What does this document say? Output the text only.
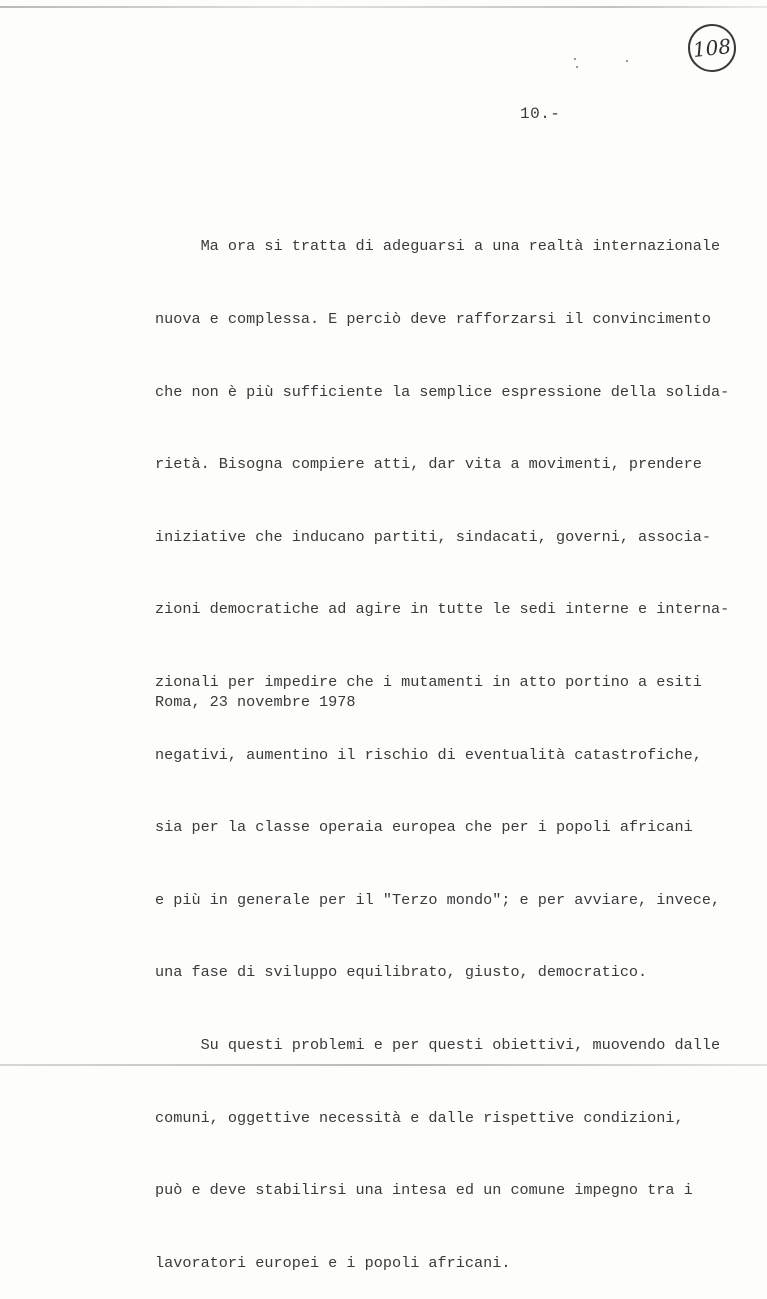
108
10.-

Ma ora si tratta di adeguarsi a una realtà internazionale

nuova e complessa. E perciò deve rafforzarsi il convincimento

che non è più sufficiente la semplice espressione della solida-

rietà. Bisogna compiere atti, dar vita a movimenti, prendere

iniziative che inducano partiti, sindacati, governi, associa-

zioni democratiche ad agire in tutte le sedi interne e interna-

zionali per impedire che i mutamenti in atto portino a esiti

negativi, aumentino il rischio di eventualità catastrofiche,

sia per la classe operaia europea che per i popoli africani

e più in generale per il "Terzo mondo"; e per avviare, invece,

una fase di sviluppo equilibrato, giusto, democratico.

Su questi problemi e per questi obiettivi, muovendo dalle

comuni, oggettive necessità e dalle rispettive condizioni,

può e deve stabilirsi una intesa ed un comune impegno tra i

lavoratori europei e i popoli africani.

Roma, 23 novembre 1978
